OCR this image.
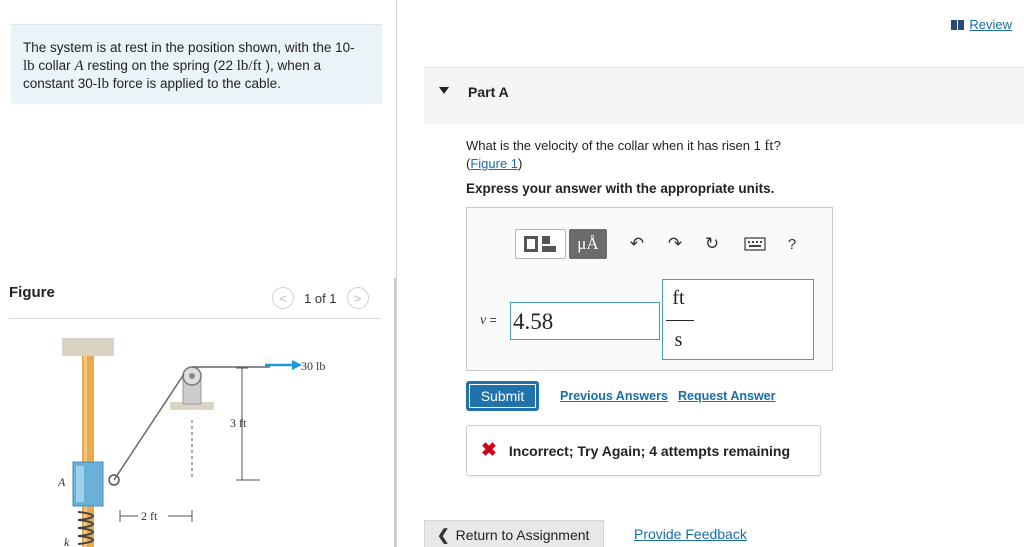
The system is at rest in the position shown, with the 10-
lb collar A resting on the spring (22 lb/ft ), when a
constant 30-lb force is applied to the cable.
Figure	< 1 of 1 >
30 lb
3 ft
2 ft
A
k
Review
Part A
What is the velocity of the collar when it has risen 1 ft?
(Figure 1)
Express your answer with the appropriate units.
μÅ ↶ ↷ ↻	?
v = 4.58
ft
s
Submit	Previous Answers Request Answer
✖ Incorrect; Try Again; 4 attempts remaining
❮ Return to Assignment	Provide Feedback
